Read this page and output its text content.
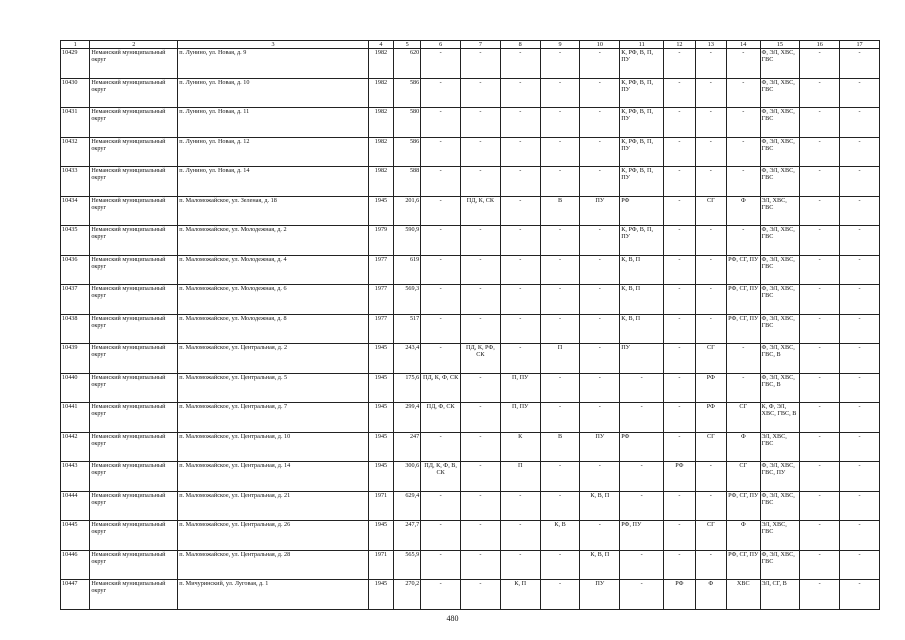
1	2	3	4	5	6	7	8	9	10	11	12	13	14	15	16	17
10429	Неманский муниципальный округ	п. Лунино, ул. Новая, д. 9	1982	620	-	-	-	-	-	К, РФ, В, П, ПУ	-	-	-	Ф, ЭЛ, ХВС, ГВС	-	-
10430	Неманский муниципальный округ	п. Лунино, ул. Новая, д. 10	1982	586	-	-	-	-	-	К, РФ, В, П, ПУ	-	-	-	Ф, ЭЛ, ХВС, ГВС	-	-
10431	Неманский муниципальный округ	п. Лунино, ул. Новая, д. 11	1982	580	-	-	-	-	-	К, РФ, В, П, ПУ	-	-	-	Ф, ЭЛ, ХВС, ГВС	-	-
10432	Неманский муниципальный округ	п. Лунино, ул. Новая, д. 12	1982	586	-	-	-	-	-	К, РФ, В, П, ПУ	-	-	-	Ф, ЭЛ, ХВС, ГВС	-	-
10433	Неманский муниципальный округ	п. Лунино, ул. Новая, д. 14	1982	588	-	-	-	-	-	К, РФ, В, П, ПУ	-	-	-	Ф, ЭЛ, ХВС, ГВС	-	-
10434	Неманский муниципальный округ	п. Маломожайское, ул. Зеленая, д. 18	1945	201,6	-	ПД, К, СК	-	В	ПУ	РФ	-	СГ	Ф	ЭЛ, ХВС, ГВС	-	-
10435	Неманский муниципальный округ	п. Маломожайское, ул. Молодежная, д. 2	1979	590,9	-	-	-	-	-	К, РФ, В, П, ПУ	-	-	-	Ф, ЭЛ, ХВС, ГВС	-	-
10436	Неманский муниципальный округ	п. Маломожайское, ул. Молодежная, д. 4	1977	619	-	-	-	-	-	К, В, П	-	-	РФ, СГ, ПУ	Ф, ЭЛ, ХВС, ГВС	-	-
10437	Неманский муниципальный округ	п. Маломожайское, ул. Молодежная, д. 6	1977	569,3	-	-	-	-	-	К, В, П	-	-	РФ, СГ, ПУ	Ф, ЭЛ, ХВС, ГВС	-	-
10438	Неманский муниципальный округ	п. Маломожайское, ул. Молодежная, д. 8	1977	517	-	-	-	-	-	К, В, П	-	-	РФ, СГ, ПУ	Ф, ЭЛ, ХВС, ГВС	-	-
10439	Неманский муниципальный округ	п. Маломожайское, ул. Центральная, д. 2	1945	243,4	-	ПД, К, РФ, СК	-	П	-	ПУ	-	СГ	-	Ф, ЭЛ, ХВС, ГВС, В	-	-
10440	Неманский муниципальный округ	п. Маломожайское, ул. Центральная, д. 5	1945	175,6	ПД, К, Ф, СК	-	П, ПУ	-	-	-	-	РФ	-	Ф, ЭЛ, ХВС, ГВС, В	-	-
10441	Неманский муниципальный округ	п. Маломожайское, ул. Центральная, д. 7	1945	299,4	ПД, Ф, СК	-	П, ПУ	-	-	-	-	РФ	СГ	К, Ф, ЭЛ, ХВС, ГВС, В	-	-
10442	Неманский муниципальный округ	п. Маломожайское, ул. Центральная, д. 10	1945	247	-	-	К	В	ПУ	РФ	-	СГ	Ф	ЭЛ, ХВС, ГВС	-	-
10443	Неманский муниципальный округ	п. Маломожайское, ул. Центральная, д. 14	1945	300,6	ПД, К, Ф, В, СК	-	П	-	-	-	РФ	-	СГ	Ф, ЭЛ, ХВС, ГВС, ПУ	-	-
10444	Неманский муниципальный округ	п. Маломожайское, ул. Центральная, д. 21	1971	629,4	-	-	-	-	К, В, П	-	-	-	РФ, СГ, ПУ	Ф, ЭЛ, ХВС, ГВС	-	-
10445	Неманский муниципальный округ	п. Маломожайское, ул. Центральная, д. 26	1945	247,7	-	-	-	К, В	-	РФ, ПУ	-	СГ	Ф	ЭЛ, ХВС, ГВС	-	-
10446	Неманский муниципальный округ	п. Маломожайское, ул. Центральная, д. 28	1971	565,9	-	-	-	-	К, В, П	-	-	-	РФ, СГ, ПУ	Ф, ЭЛ, ХВС, ГВС	-	-
10447	Неманский муниципальный округ	п. Мичуринский, ул. Луговая, д. 1	1945	270,2	-	-	К, П	-	ПУ	-	РФ	Ф	ХВС	ЭЛ, СГ, В	-	-
480
